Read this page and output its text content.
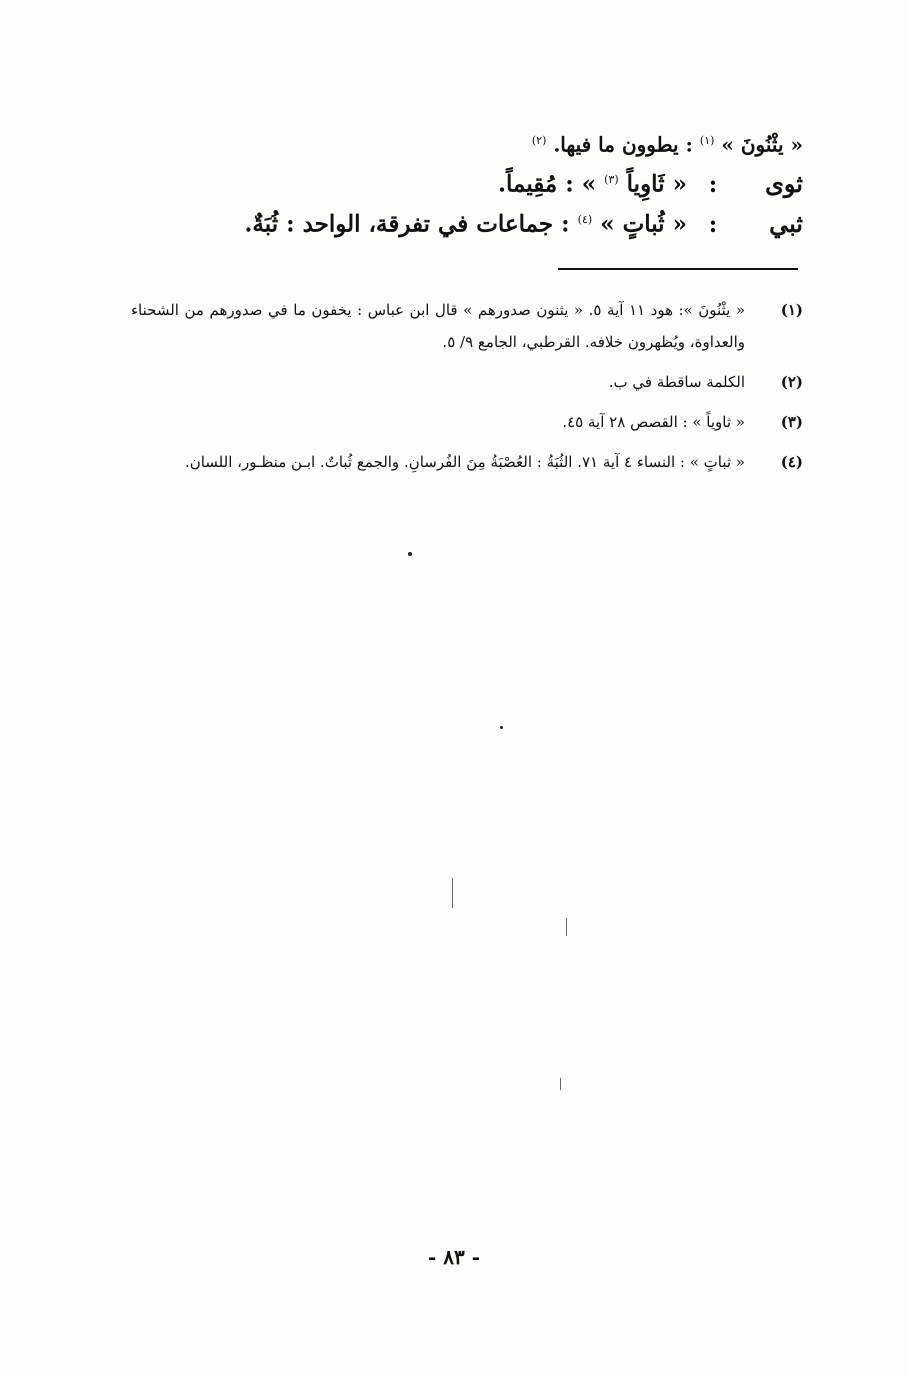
« يثْنُونَ » $^{(١)}$ : يطوون ما فيها. $^{(٢)}$
ثوى : « ثَاوِياً $^{(٣)}$ » : مُقِيماً.
ثبي : « ثُباتٍ » $^{(٤)}$ : جماعات في تفرقة، الواحد : ثُبَةٌ.
(١)
« يثْنُونَ »: هود ١١ آية ٥. « يثنون صدورهم » قال ابن عباس : يخفون ما في صدورهم من الشحناء والعداوة، ويُظهرون خلافه. القرطبي، الجامع ٩/ ٥.
(٢)
الكلمة ساقطة في ب.
(٣)
« ثاوياً » : القصص ٢٨ آية ٤٥.
(٤)
« ثباتٍ » : النساء ٤ آية ٧١. الثُبَةُ : العُصْبَةُ مِنَ الفُرسانِ. والجمع ثُباتٌ. ابـن منظـور، اللسان.
- ٨٣ -
